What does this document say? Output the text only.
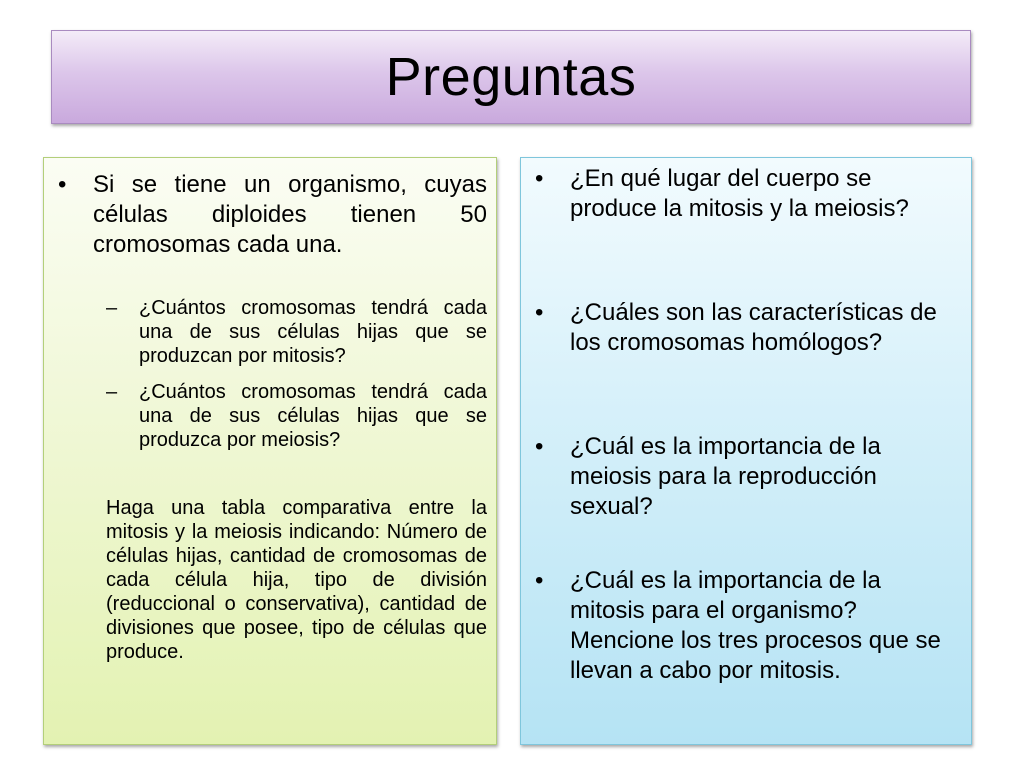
Preguntas
• Si se tiene un organismo, cuyas células diploides tienen 50 cromosomas cada una.
– ¿Cuántos cromosomas tendrá cada una de sus células hijas que se produzcan por mitosis?
– ¿Cuántos cromosomas tendrá cada una de sus células hijas que se produzca por meiosis?
Haga una tabla comparativa entre la mitosis y la meiosis indicando: Número de células hijas, cantidad de cromosomas de cada célula hija, tipo de división (reduccional o conservativa), cantidad de divisiones que posee, tipo de células que produce.
• ¿En qué lugar del cuerpo se produce la mitosis y la meiosis?
• ¿Cuáles son las características de los cromosomas homólogos?
• ¿Cuál es la importancia de la meiosis para la reproducción sexual?
• ¿Cuál es la importancia de la mitosis para el organismo? Mencione los tres procesos que se llevan a cabo por mitosis.
